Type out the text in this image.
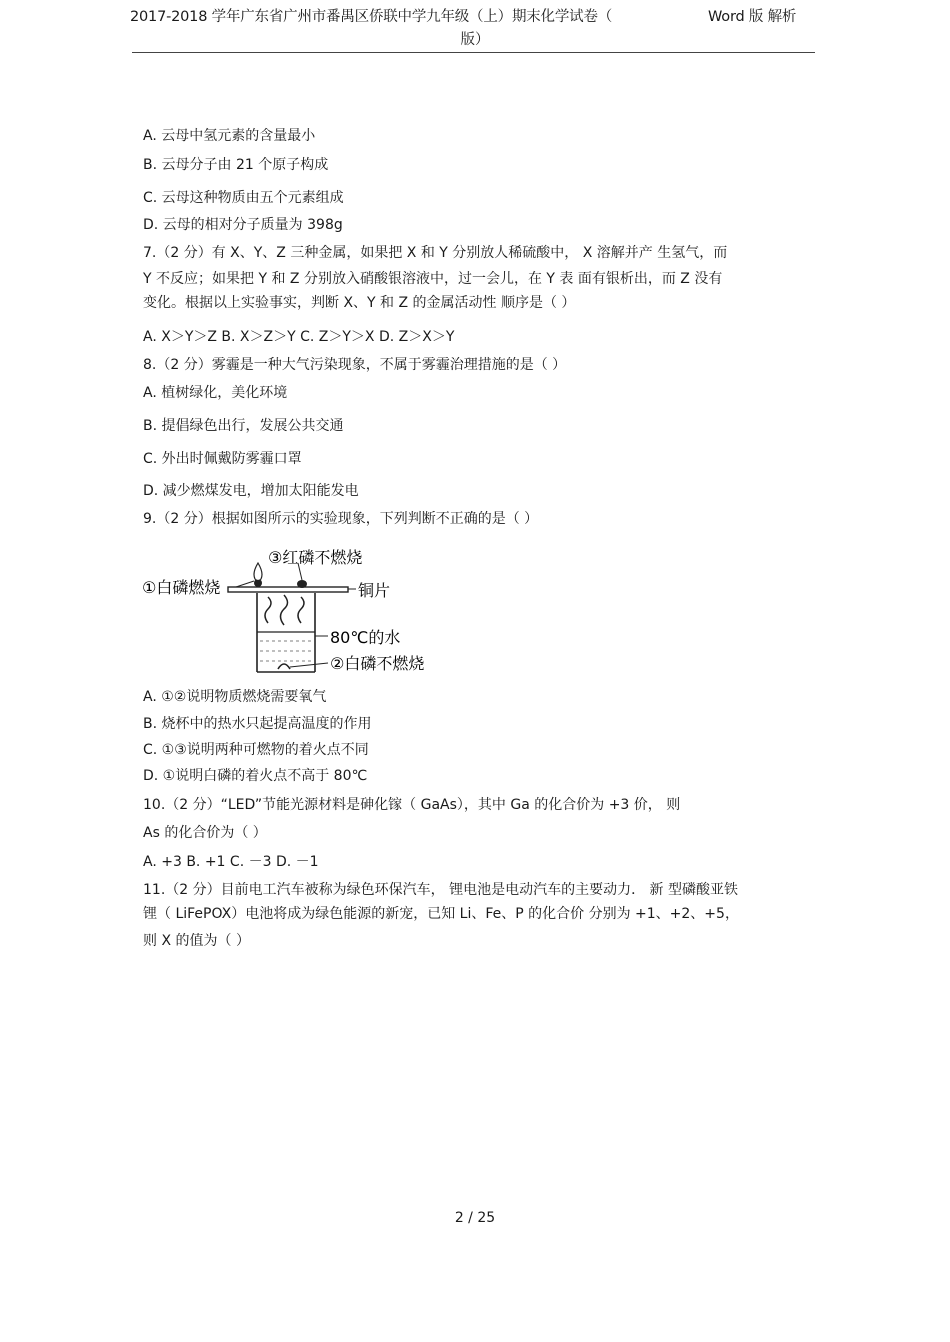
2017-2018 学年广东省广州市番禺区侨联中学九年级（上）期末化学试卷（	Word 版 解析
版）
A. 云母中氢元素的含量最小
B. 云母分子由 21 个原子构成
C. 云母这种物质由五个元素组成
D. 云母的相对分子质量为 398g
7.（2 分）有 X、Y、Z 三种金属，如果把 X 和 Y 分别放人稀硫酸中， X 溶解并产 生氢气，而
Y 不反应；如果把 Y 和 Z 分别放入硝酸银溶液中，过一会儿，在 Y 表 面有银析出，而 Z 没有
变化。根据以上实验事实，判断 X、Y 和 Z 的金属活动性 顺序是（ ）
A. X＞Y＞Z B. X＞Z＞Y C. Z＞Y＞X D. Z＞X＞Y
8.（2 分）雾霾是一种大气污染现象，不属于雾霾治理措施的是（ ）
A. 植树绿化，美化环境
B. 提倡绿色出行，发展公共交通
C. 外出时佩戴防雾霾口罩
D. 减少燃煤发电，增加太阳能发电
9.（2 分）根据如图所示的实验现象，下列判断不正确的是（ ）
A. ①②说明物质燃烧需要氧气
B. 烧杯中的热水只起提高温度的作用
C. ①③说明两种可燃物的着火点不同
D. ①说明白磷的着火点不高于 80℃
10.（2 分）“LED”节能光源材料是砷化镓（ GaAs），其中 Ga 的化合价为 +3 价， 则
As 的化合价为（ ）
A. +3 B. +1 C. －3 D. －1
11.（2 分）目前电工汽车被称为绿色环保汽车， 锂电池是电动汽车的主要动力． 新 型磷酸亚铁
锂（ LiFePOX）电池将成为绿色能源的新宠，已知 Li、Fe、P 的化合价 分别为 +1、+2、+5，
则 X 的值为（ ）
①白磷燃烧
③红磷不燃烧
铜片
80℃的水
②白磷不燃烧
2 / 25
